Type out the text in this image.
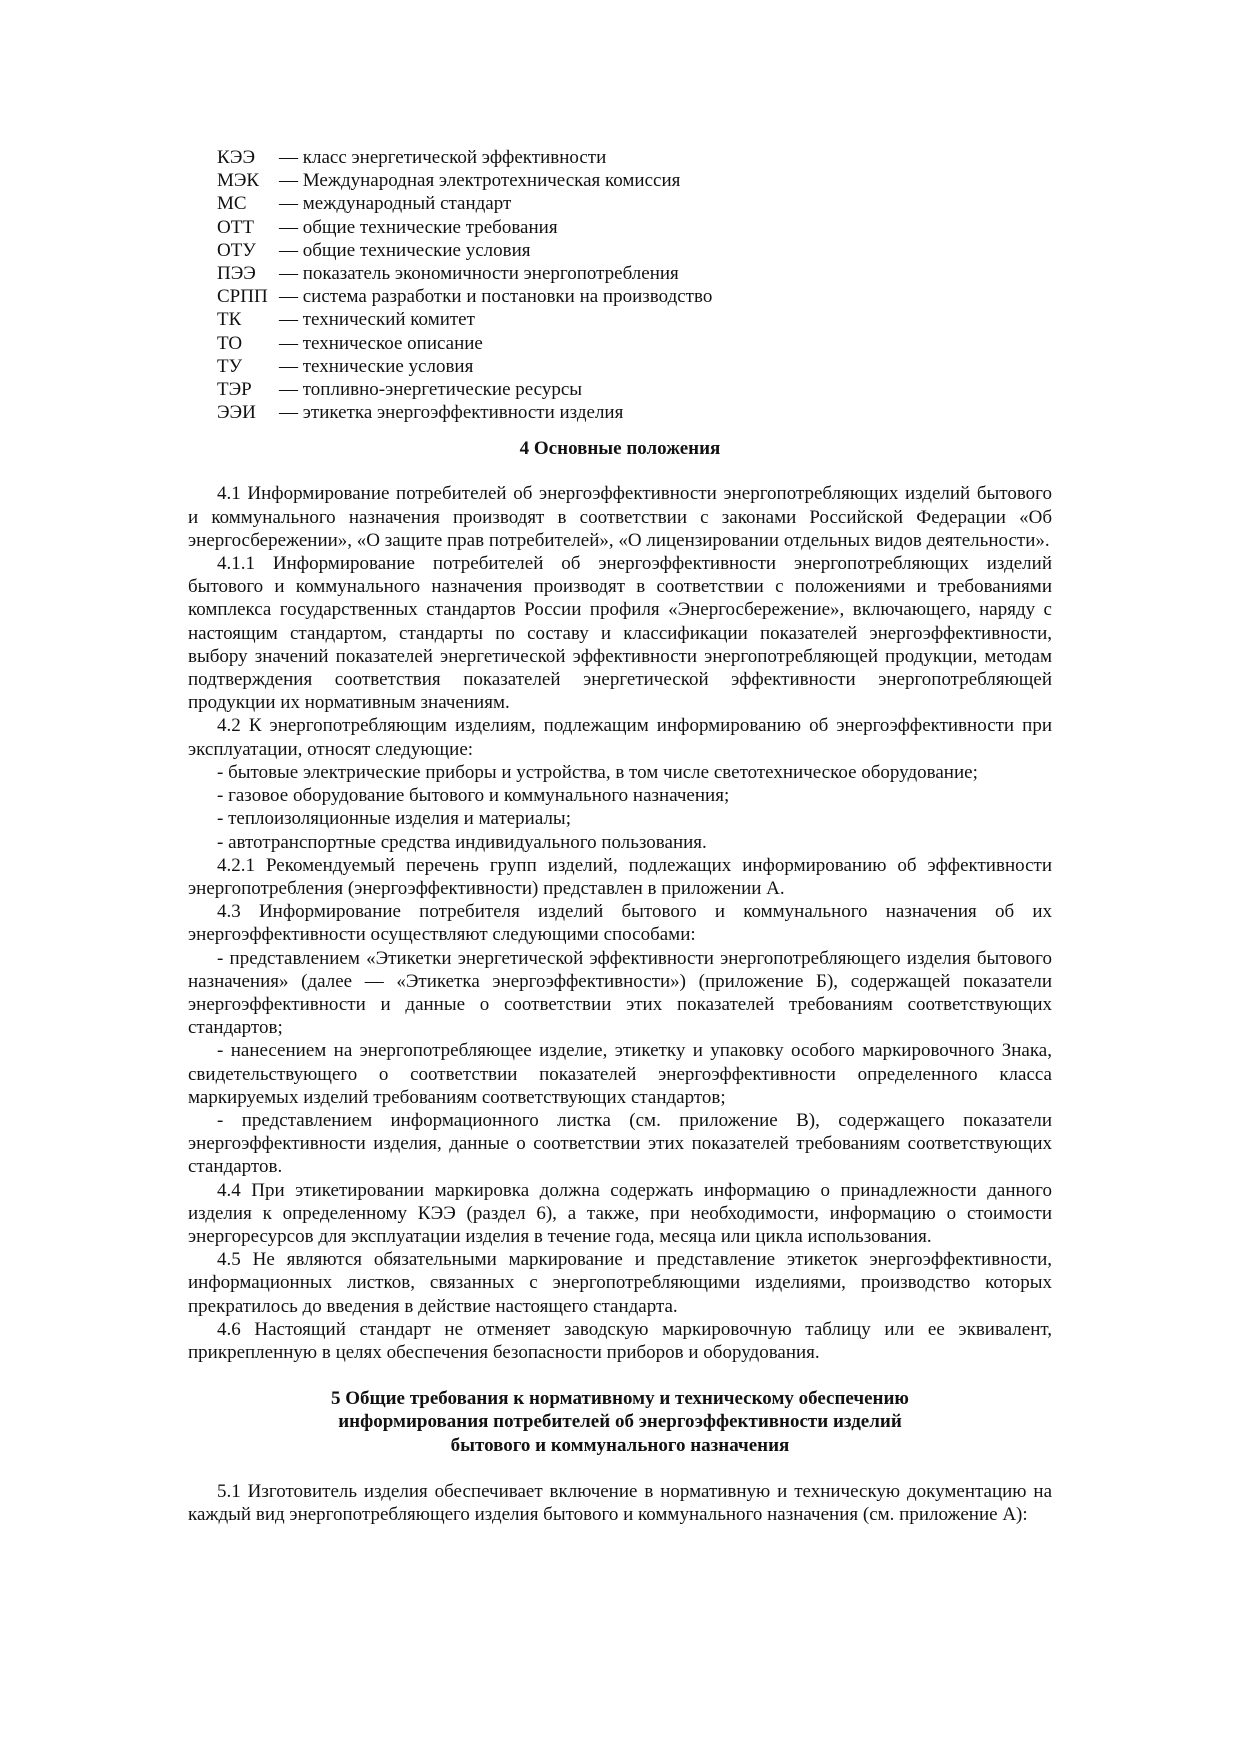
КЭЭ	— класс энергетической эффективности
МЭК	— Международная электротехническая комиссия
МС	— международный стандарт
ОТТ	— общие технические требования
ОТУ	— общие технические условия
ПЭЭ	— показатель экономичности энергопотребления
СРПП — система разработки и постановки на производство
ТК	— технический комитет
ТО	— техническое описание
ТУ	— технические условия
ТЭР	— топливно-энергетические ресурсы
ЭЭИ	— этикетка энергоэффективности изделия
4 Основные положения

4.1 Информирование потребителей об энергоэффективности энергопотребляющих изделий бытового и коммунального назначения производят в соответствии с законами Российской Федерации «Об энергосбережении», «О защите прав потребителей», «О лицензировании отдельных видов деятельности».

4.1.1 Информирование потребителей об энергоэффективности энергопотребляющих изделий бытового и коммунального назначения производят в соответствии с положениями и требованиями комплекса государственных стандартов России профиля «Энергосбережение», включающего, наряду с настоящим стандартом, стандарты по составу и классификации показателей энергоэффективности, выбору значений показателей энергетической эффективности энергопотребляющей продукции, методам подтверждения соответствия показателей энергетической эффективности энергопотребляющей продукции их нормативным значениям.

4.2 К энергопотребляющим изделиям, подлежащим информированию об энергоэффективности при эксплуатации, относят следующие:

- бытовые электрические приборы и устройства, в том числе светотехническое оборудование;

- газовое оборудование бытового и коммунального назначения;

- теплоизоляционные изделия и материалы;

- автотранспортные средства индивидуального пользования.

4.2.1 Рекомендуемый перечень групп изделий, подлежащих информированию об эффективности энергопотребления (энергоэффективности) представлен в приложении А.

4.3 Информирование потребителя изделий бытового и коммунального назначения об их энергоэффективности осуществляют следующими способами:

- представлением «Этикетки энергетической эффективности энергопотребляющего изделия бытового назначения» (далее — «Этикетка энергоэффективности») (приложение Б), содержащей показатели энергоэффективности и данные о соответствии этих показателей требованиям соответствующих стандартов;

- нанесением на энергопотребляющее изделие, этикетку и упаковку особого маркировочного Знака, свидетельствующего о соответствии показателей энергоэффективности определенного класса маркируемых изделий требованиям соответствующих стандартов;

- представлением информационного листка (см. приложение В), содержащего показатели энергоэффективности изделия, данные о соответствии этих показателей требованиям соответствующих стандартов.

4.4 При этикетировании маркировка должна содержать информацию о принадлежности данного изделия к определенному КЭЭ (раздел 6), а также, при необходимости, информацию о стоимости энергоресурсов для эксплуатации изделия в течение года, месяца или цикла использования.

4.5 Не являются обязательными маркирование и представление этикеток энергоэффективности, информационных листков, связанных с энергопотребляющими изделиями, производство которых прекратилось до введения в действие настоящего стандарта.

4.6 Настоящий стандарт не отменяет заводскую маркировочную таблицу или ее эквивалент, прикрепленную в целях обеспечения безопасности приборов и оборудования.

5 Общие требования к нормативному и техническому обеспечению
информирования потребителей об энергоэффективности изделий
бытового и коммунального назначения

5.1 Изготовитель изделия обеспечивает включение в нормативную и техническую документацию на каждый вид энергопотребляющего изделия бытового и коммунального назначения (см. приложение А):
